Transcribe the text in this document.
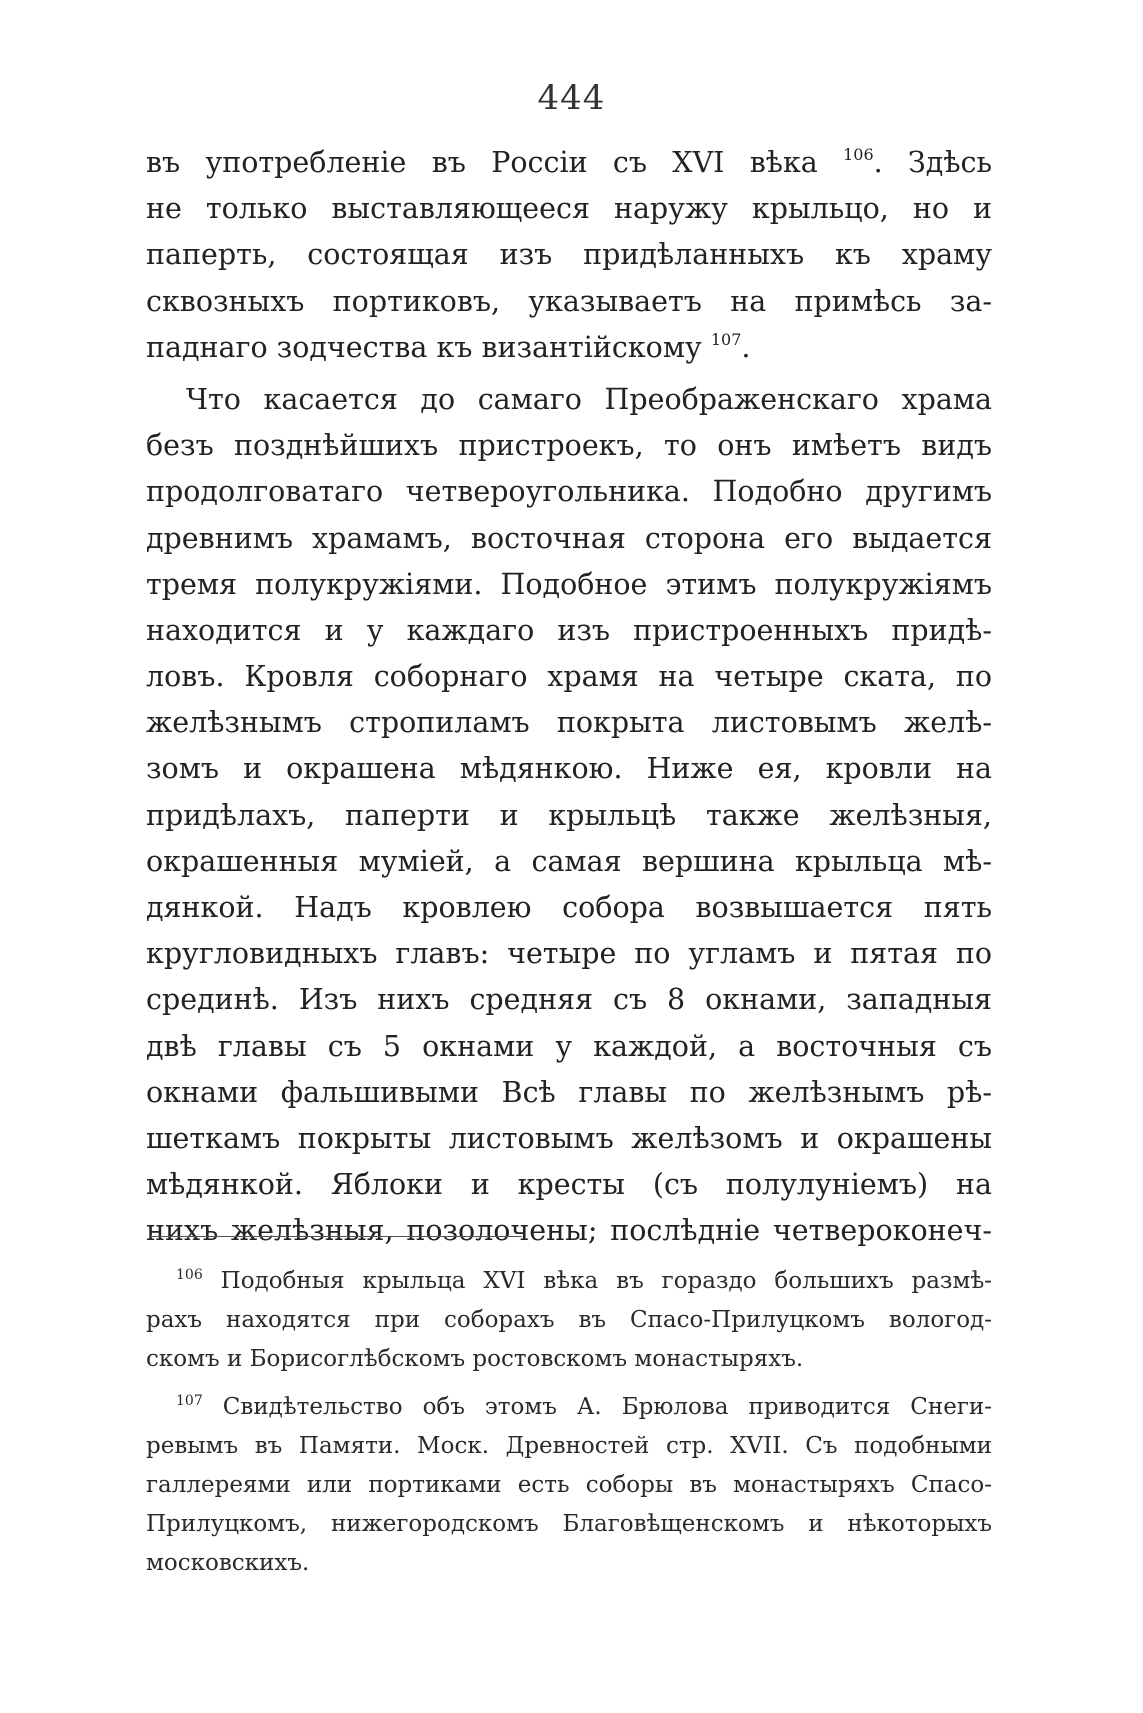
444
въ употребленіе въ Россіи съ XVI вѣка $^{106}$. Здѣсь
не только выставляющееся наружу крыльцо, но и
паперть, состоящая изъ придѣланныхъ къ храму
сквозныхъ портиковъ, указываетъ на примѣсь за-
паднаго зодчества къ византійскому $^{107}$.
Что касается до самаго Преображенскаго храма
безъ позднѣйшихъ пристроекъ, то онъ имѣетъ видъ
продолговатаго четвероугольника. Подобно другимъ
древнимъ храмамъ, восточная сторона его выдается
тремя полукружіями. Подобное этимъ полукружіямъ
находится и у каждаго изъ пристроенныхъ придѣ-
ловъ. Кровля соборнаго храмя на четыре ската, по
желѣзнымъ стропиламъ покрыта листовымъ желѣ-
зомъ и окрашена мѣдянкою. Ниже ея, кровли на
придѣлахъ, паперти и крыльцѣ также желѣзныя,
окрашенныя муміей, а самая вершина крыльца мѣ-
дянкой. Надъ кровлею собора возвышается пять
кругловидныхъ главъ: четыре по угламъ и пятая по
срединѣ. Изъ нихъ средняя съ 8 окнами, западныя
двѣ главы съ 5 окнами у каждой, а восточныя съ
окнами фальшивыми Всѣ главы по желѣзнымъ рѣ-
шеткамъ покрыты листовымъ желѣзомъ и окрашены
мѣдянкой. Яблоки и кресты (съ полулуніемъ) на
нихъ желѣзныя, позолочены; послѣдніе четвероконеч-
$^{106}$ Подобныя крыльца XVI вѣка въ гораздо большихъ размѣ-
рахъ находятся при соборахъ въ Спасо-Прилуцкомъ вологод-
скомъ и Борисоглѣбскомъ ростовскомъ монастыряхъ.
$^{107}$ Свидѣтельство объ этомъ А. Брюлова приводится Снеги-
ревымъ въ Памяти. Моск. Древностей стр. XVII. Съ подобными
галлереями или портиками есть соборы въ монастыряхъ Спасо-
Прилуцкомъ, нижегородскомъ Благовѣщенскомъ и нѣкоторыхъ
московскихъ.
